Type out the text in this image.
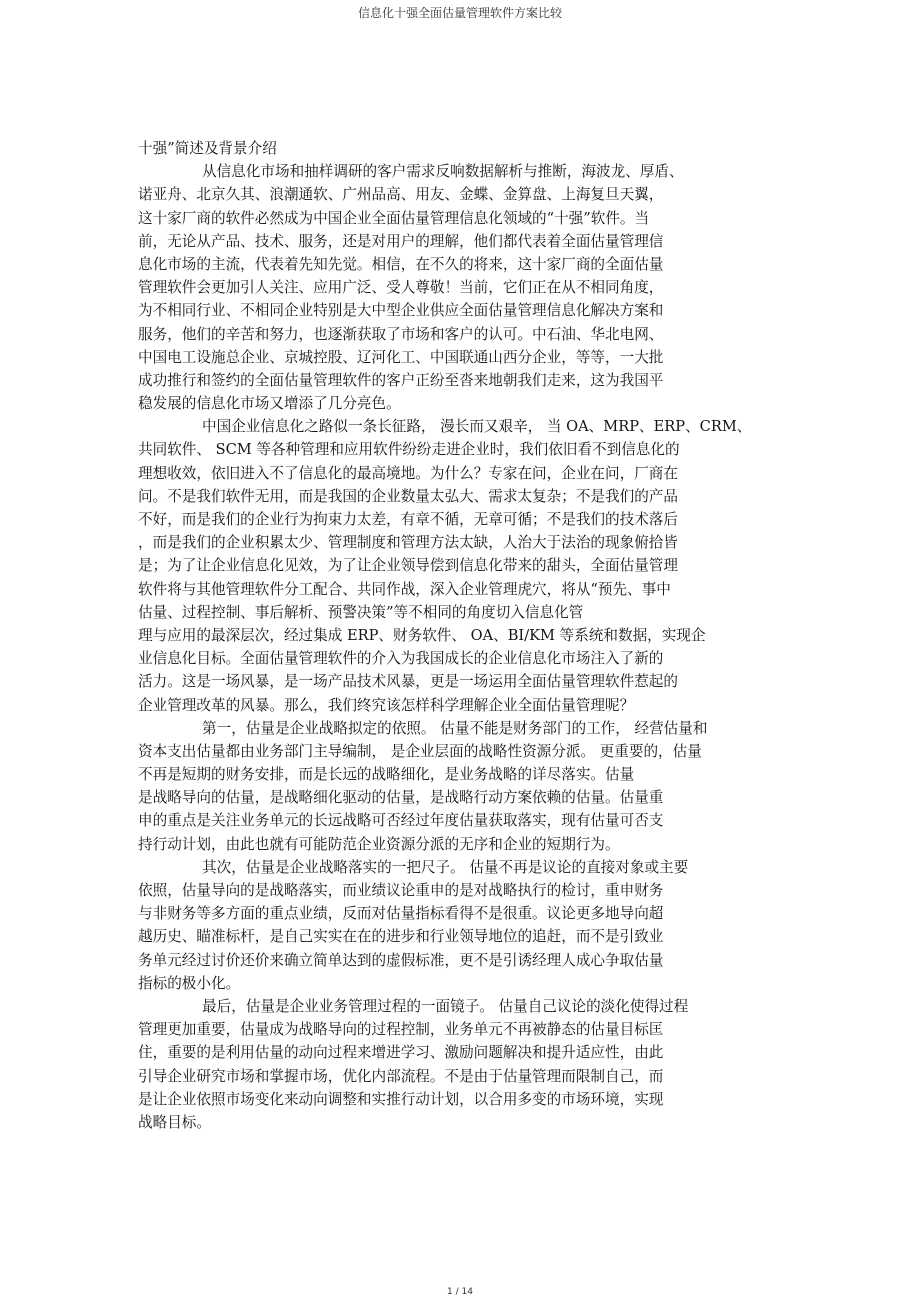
信息化十强全面估量管理软件方案比较
十强”简述及背景介绍
从信息化市场和抽样调研的客户需求反响数据解析与推断，海波龙、厚盾、
诺亚舟、北京久其、浪潮通软、广州品高、用友、金蝶、金算盘、上海复旦天翼，
这十家厂商的软件必然成为中国企业全面估量管理信息化领域的“十强”软件。当
前，无论从产品、技术、服务，还是对用户的理解，他们都代表着全面估量管理信
息化市场的主流，代表着先知先觉。相信，在不久的将来，这十家厂商的全面估量
管理软件会更加引人关注、应用广泛、受人尊敬！当前，它们正在从不相同角度，
为不相同行业、不相同企业特别是大中型企业供应全面估量管理信息化解决方案和
服务，他们的辛苦和努力，也逐渐获取了市场和客户的认可。中石油、华北电网、
中国电工设施总企业、京城控股、辽河化工、中国联通山西分企业，等等，一大批
成功推行和签约的全面估量管理软件的客户正纷至沓来地朝我们走来，这为我国平
稳发展的信息化市场又增添了几分亮色。
中国企业信息化之路似一条长征路， 漫长而又艰辛， 当 OA、MRP、ERP、CRM、
共同软件、 SCM 等各种管理和应用软件纷纷走进企业时，我们依旧看不到信息化的
理想收效，依旧进入不了信息化的最高境地。为什么？专家在问，企业在问，厂商在
问。不是我们软件无用，而是我国的企业数量太弘大、需求太复杂；不是我们的产品
不好，而是我们的企业行为拘束力太差，有章不循，无章可循；不是我们的技术落后
，而是我们的企业积累太少、管理制度和管理方法太缺，人治大于法治的现象俯拾皆
是；为了让企业信息化见效，为了让企业领导偿到信息化带来的甜头，全面估量管理
软件将与其他管理软件分工配合、共同作战，深入企业管理虎穴，将从“预先、事中
估量、过程控制、事后解析、预警决策”等不相同的角度切入信息化管
理与应用的最深层次，经过集成 ERP、财务软件、 OA、BI/KM 等系统和数据，实现企
业信息化目标。全面估量管理软件的介入为我国成长的企业信息化市场注入了新的
活力。这是一场风暴，是一场产品技术风暴，更是一场运用全面估量管理软件惹起的
企业管理改革的风暴。那么，我们终究该怎样科学理解企业全面估量管理呢？
第一，估量是企业战略拟定的依照。 估量不能是财务部门的工作， 经营估量和
资本支出估量都由业务部门主导编制， 是企业层面的战略性资源分派。 更重要的，估量
不再是短期的财务安排，而是长远的战略细化，是业务战略的详尽落实。估量
是战略导向的估量，是战略细化驱动的估量，是战略行动方案依赖的估量。估量重
申的重点是关注业务单元的长远战略可否经过年度估量获取落实，现有估量可否支
持行动计划，由此也就有可能防范企业资源分派的无序和企业的短期行为。
其次，估量是企业战略落实的一把尺子。 估量不再是议论的直接对象或主要
依照，估量导向的是战略落实，而业绩议论重申的是对战略执行的检讨，重申财务
与非财务等多方面的重点业绩，反而对估量指标看得不是很重。议论更多地导向超
越历史、瞄准标杆，是自己实实在在的进步和行业领导地位的追赶，而不是引致业
务单元经过讨价还价来确立简单达到的虚假标准，更不是引诱经理人成心争取估量
指标的极小化。
最后，估量是企业业务管理过程的一面镜子。 估量自己议论的淡化使得过程
管理更加重要，估量成为战略导向的过程控制，业务单元不再被静态的估量目标匡
住，重要的是利用估量的动向过程来增进学习、激励问题解决和提升适应性，由此
引导企业研究市场和掌握市场，优化内部流程。不是由于估量管理而限制自己，而
是让企业依照市场变化来动向调整和实推行动计划，以合用多变的市场环境，实现
战略目标。
1 / 14
